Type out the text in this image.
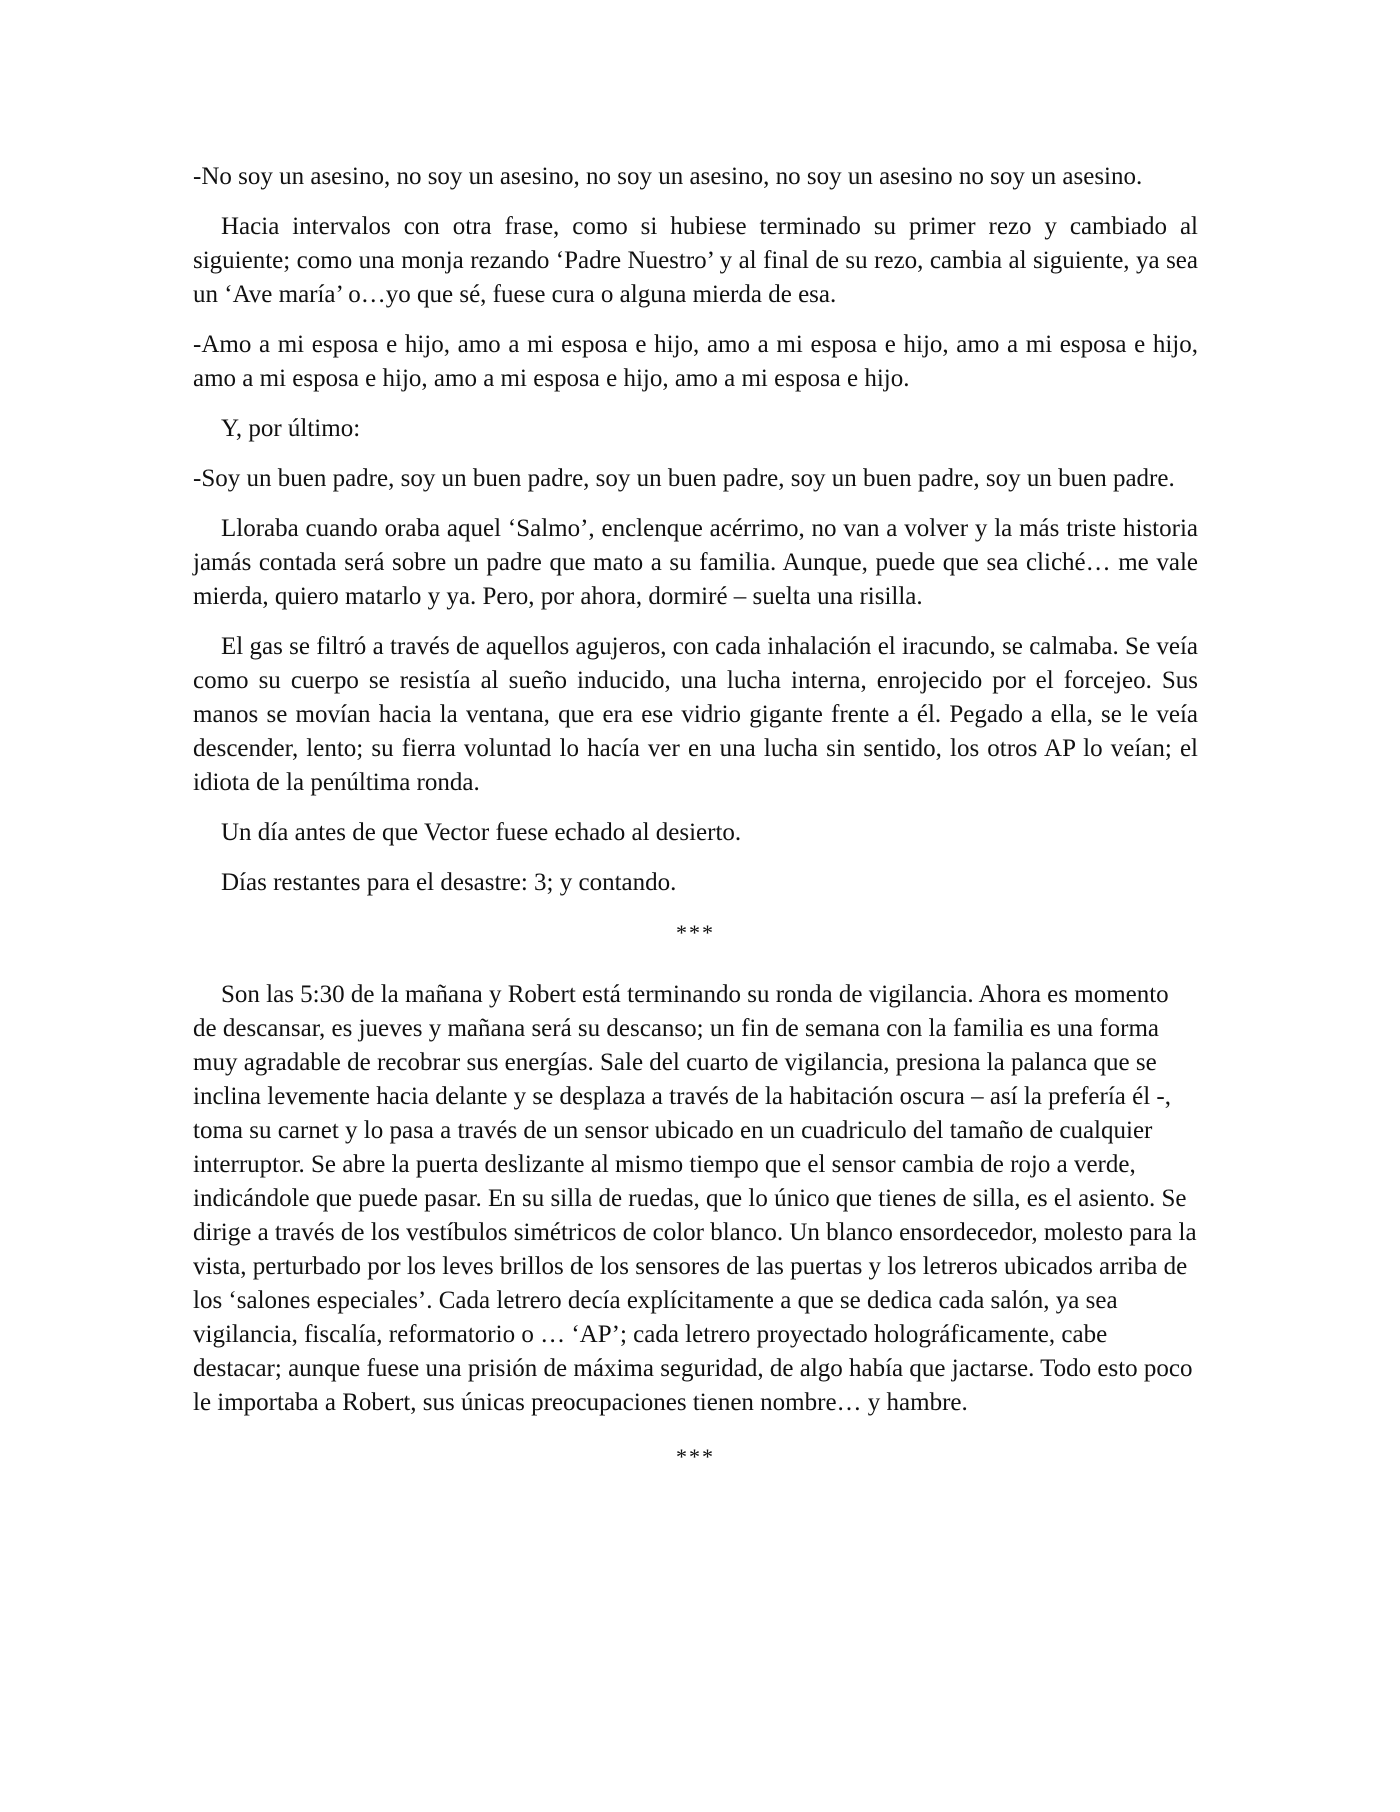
-No soy un asesino, no soy un asesino, no soy un asesino, no soy un asesino no soy un asesino.

Hacia intervalos con otra frase, como si hubiese terminado su primer rezo y cambiado al siguiente; como una monja rezando ‘Padre Nuestro’ y al final de su rezo, cambia al siguiente, ya sea un ‘Ave maría’ o…yo que sé, fuese cura o alguna mierda de esa.

-Amo a mi esposa e hijo, amo a mi esposa e hijo, amo a mi esposa e hijo, amo a mi esposa e hijo, amo a mi esposa e hijo, amo a mi esposa e hijo, amo a mi esposa e hijo.

Y, por último:

-Soy un buen padre, soy un buen padre, soy un buen padre, soy un buen padre, soy un buen padre.

Lloraba cuando oraba aquel ‘Salmo’, enclenque acérrimo, no van a volver y la más triste historia jamás contada será sobre un padre que mato a su familia. Aunque, puede que sea cliché… me vale mierda, quiero matarlo y ya. Pero, por ahora, dormiré – suelta una risilla.

El gas se filtró a través de aquellos agujeros, con cada inhalación el iracundo, se calmaba. Se veía como su cuerpo se resistía al sueño inducido, una lucha interna, enrojecido por el forcejeo. Sus manos se movían hacia la ventana, que era ese vidrio gigante frente a él. Pegado a ella, se le veía descender, lento; su fierra voluntad lo hacía ver en una lucha sin sentido, los otros AP lo veían; el idiota de la penúltima ronda.

Un día antes de que Vector fuese echado al desierto.

Días restantes para el desastre: 3; y contando.

***

Son las 5:30 de la mañana y Robert está terminando su ronda de vigilancia. Ahora es momento de descansar, es jueves y mañana será su descanso; un fin de semana con la familia es una forma muy agradable de recobrar sus energías. Sale del cuarto de vigilancia, presiona la palanca que se inclina levemente hacia delante y se desplaza a través de la habitación oscura – así la prefería él -, toma su carnet y lo pasa a través de un sensor ubicado en un cuadriculo del tamaño de cualquier interruptor. Se abre la puerta deslizante al mismo tiempo que el sensor cambia de rojo a verde, indicándole que puede pasar. En su silla de ruedas, que lo único que tienes de silla, es el asiento. Se dirige a través de los vestíbulos simétricos de color blanco. Un blanco ensordecedor, molesto para la vista, perturbado por los leves brillos de los sensores de las puertas y los letreros ubicados arriba de los ‘salones especiales’. Cada letrero decía explícitamente a que se dedica cada salón, ya sea vigilancia, fiscalía, reformatorio o … ‘AP’; cada letrero proyectado holográficamente, cabe destacar; aunque fuese una prisión de máxima seguridad, de algo había que jactarse. Todo esto poco le importaba a Robert, sus únicas preocupaciones tienen nombre… y hambre.

***
